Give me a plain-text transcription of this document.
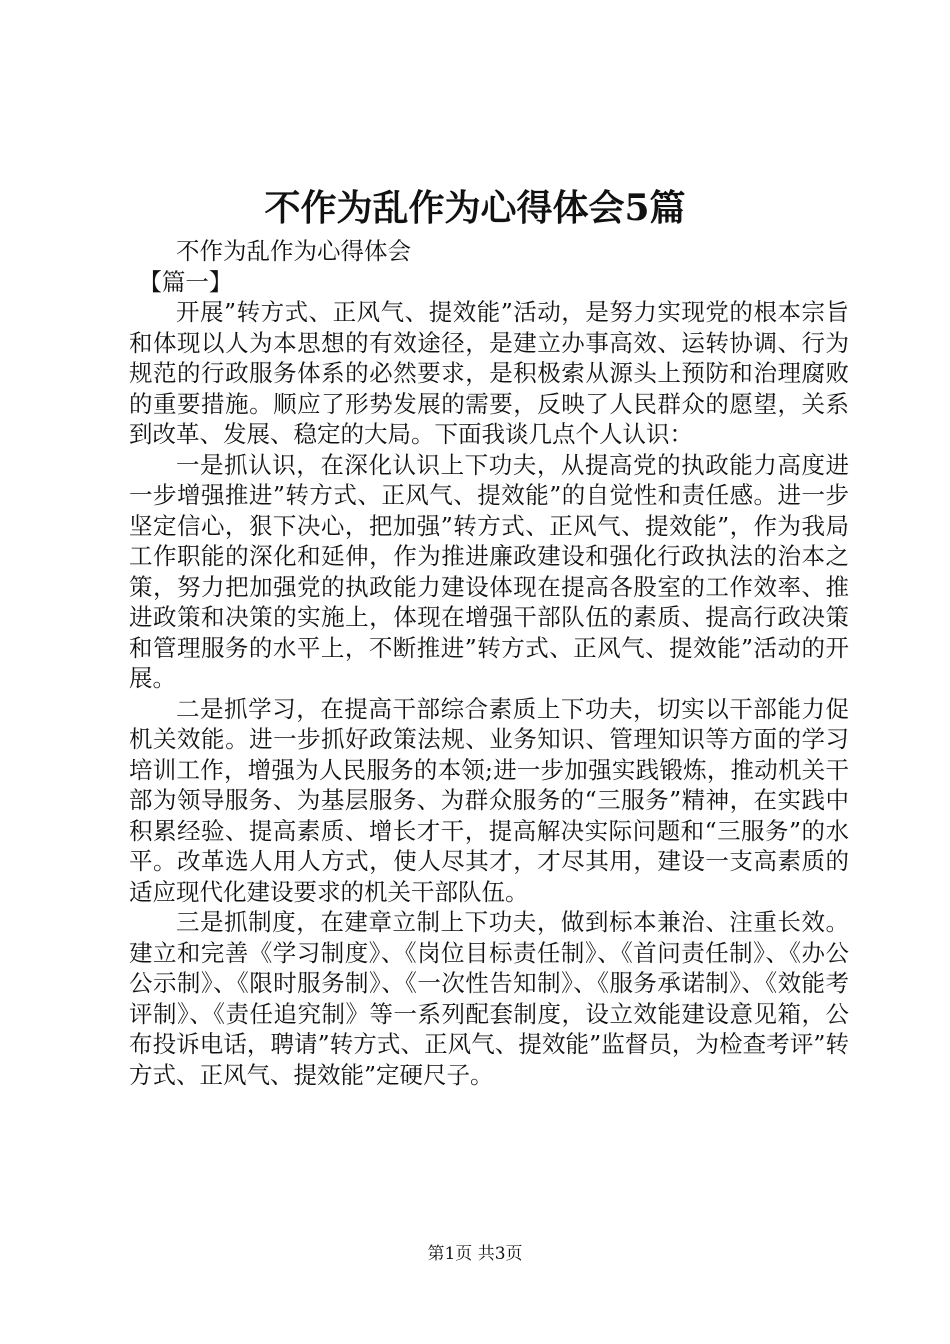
不作为乱作为心得体会5篇

不作为乱作为心得体会

【篇一】

开展”转方式、正风气、提效能”活动，是努力实现党的根本宗旨和体现以人为本思想的有效途径，是建立办事高效、运转协调、行为规范的行政服务体系的必然要求，是积极索从源头上预防和治理腐败的重要措施。顺应了形势发展的需要，反映了人民群众的愿望，关系到改革、发展、稳定的大局。下面我谈几点个人认识：

一是抓认识，在深化认识上下功夫，从提高党的执政能力高度进一步增强推进”转方式、正风气、提效能”的自觉性和责任感。进一步坚定信心，狠下决心，把加强”转方式、正风气、提效能”，作为我局工作职能的深化和延伸，作为推进廉政建设和强化行政执法的治本之策，努力把加强党的执政能力建设体现在提高各股室的工作效率、推进政策和决策的实施上，体现在增强干部队伍的素质、提高行政决策和管理服务的水平上，不断推进”转方式、正风气、提效能”活动的开展。

二是抓学习，在提高干部综合素质上下功夫，切实以干部能力促机关效能。进一步抓好政策法规、业务知识、管理知识等方面的学习培训工作，增强为人民服务的本领;进一步加强实践锻炼，推动机关干部为领导服务、为基层服务、为群众服务的“三服务”精神，在实践中积累经验、提高素质、增长才干，提高解决实际问题和“三服务”的水平。改革选人用人方式，使人尽其才，才尽其用，建设一支高素质的适应现代化建设要求的机关干部队伍。

三是抓制度，在建章立制上下功夫，做到标本兼治、注重长效。建立和完善《学习制度》、《岗位目标责任制》、《首问责任制》、《办公公示制》、《限时服务制》、《一次性告知制》、《服务承诺制》、《效能考评制》、《责任追究制》等一系列配套制度，设立效能建设意见箱，公布投诉电话，聘请”转方式、正风气、提效能”监督员，为检查考评”转方式、正风气、提效能”定硬尺子。

第1页 共3页
